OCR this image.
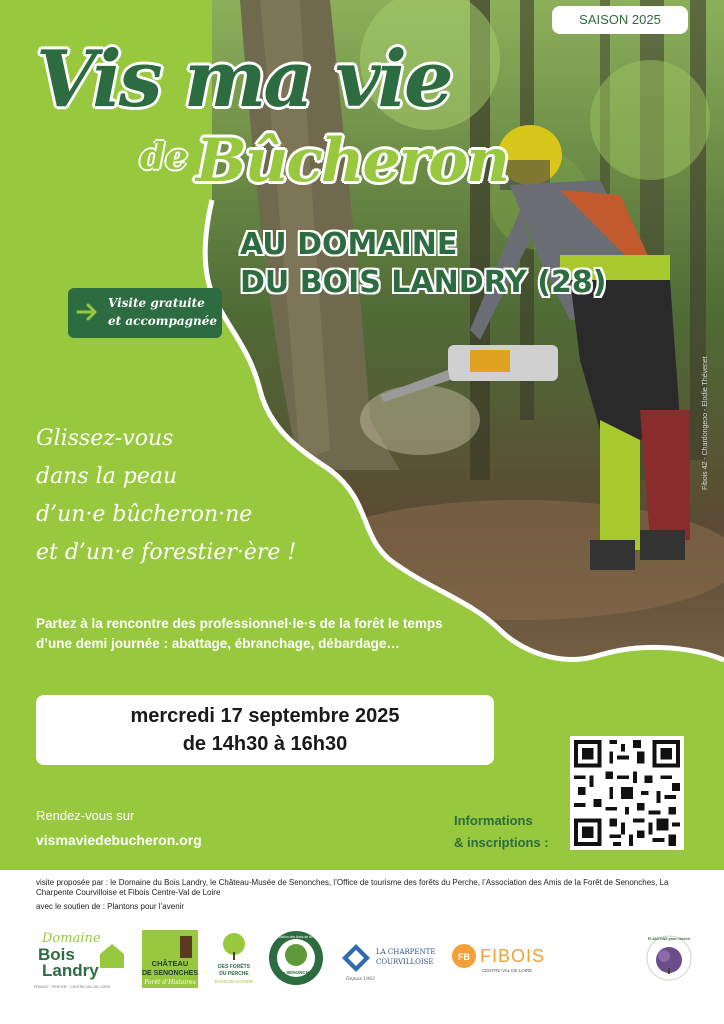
Fibois 42 - Chardongeoo - Elodie Thévenet
SAISON 2025
Vis ma vie
de Bûcheron
AU DOMAINE
DU BOIS LANDRY (28)
Visite gratuite
et accompagnée
Glissez-vous
dans la peau
d’un·e bûcheron·ne
et d’un·e forestier·ère !
Partez à la rencontre des professionnel·le·s de la forêt le temps
d’une demi journée : abattage, ébranchage, débardage…
mercredi 17 septembre 2025
de 14h30 à 16h30
Rendez-vous sur
vismaviedebucheron.org
Informations
& inscriptions :
visite proposée par : le Domaine du Bois Landry, le Château-Musée de Senonches, l’Office de tourisme des forêts du Perche, l’Association des Amis de la Forêt de Senonches, La Charpente Courvilloise et Fibois Centre-Val de Loire
avec le soutien de : Plantons pour l’avenir
Domaine
Bois
Landry
FRANCE · PERCHE · CENTRE-VAL DE LOIRE
CHÂTEAU
DE SENONCHES
Forêt d’Histoires
DES FORÊTS
DU PERCHE
ÉVASION NATURE
Association des Amis de la Forêt
28 • SENONCHES
LA CHARPENTE
COURVILLOISE
Depuis 1983
FB FIBOIS
CENTRE-VAL DE LOIRE
PLANTONS pour l’avenir
